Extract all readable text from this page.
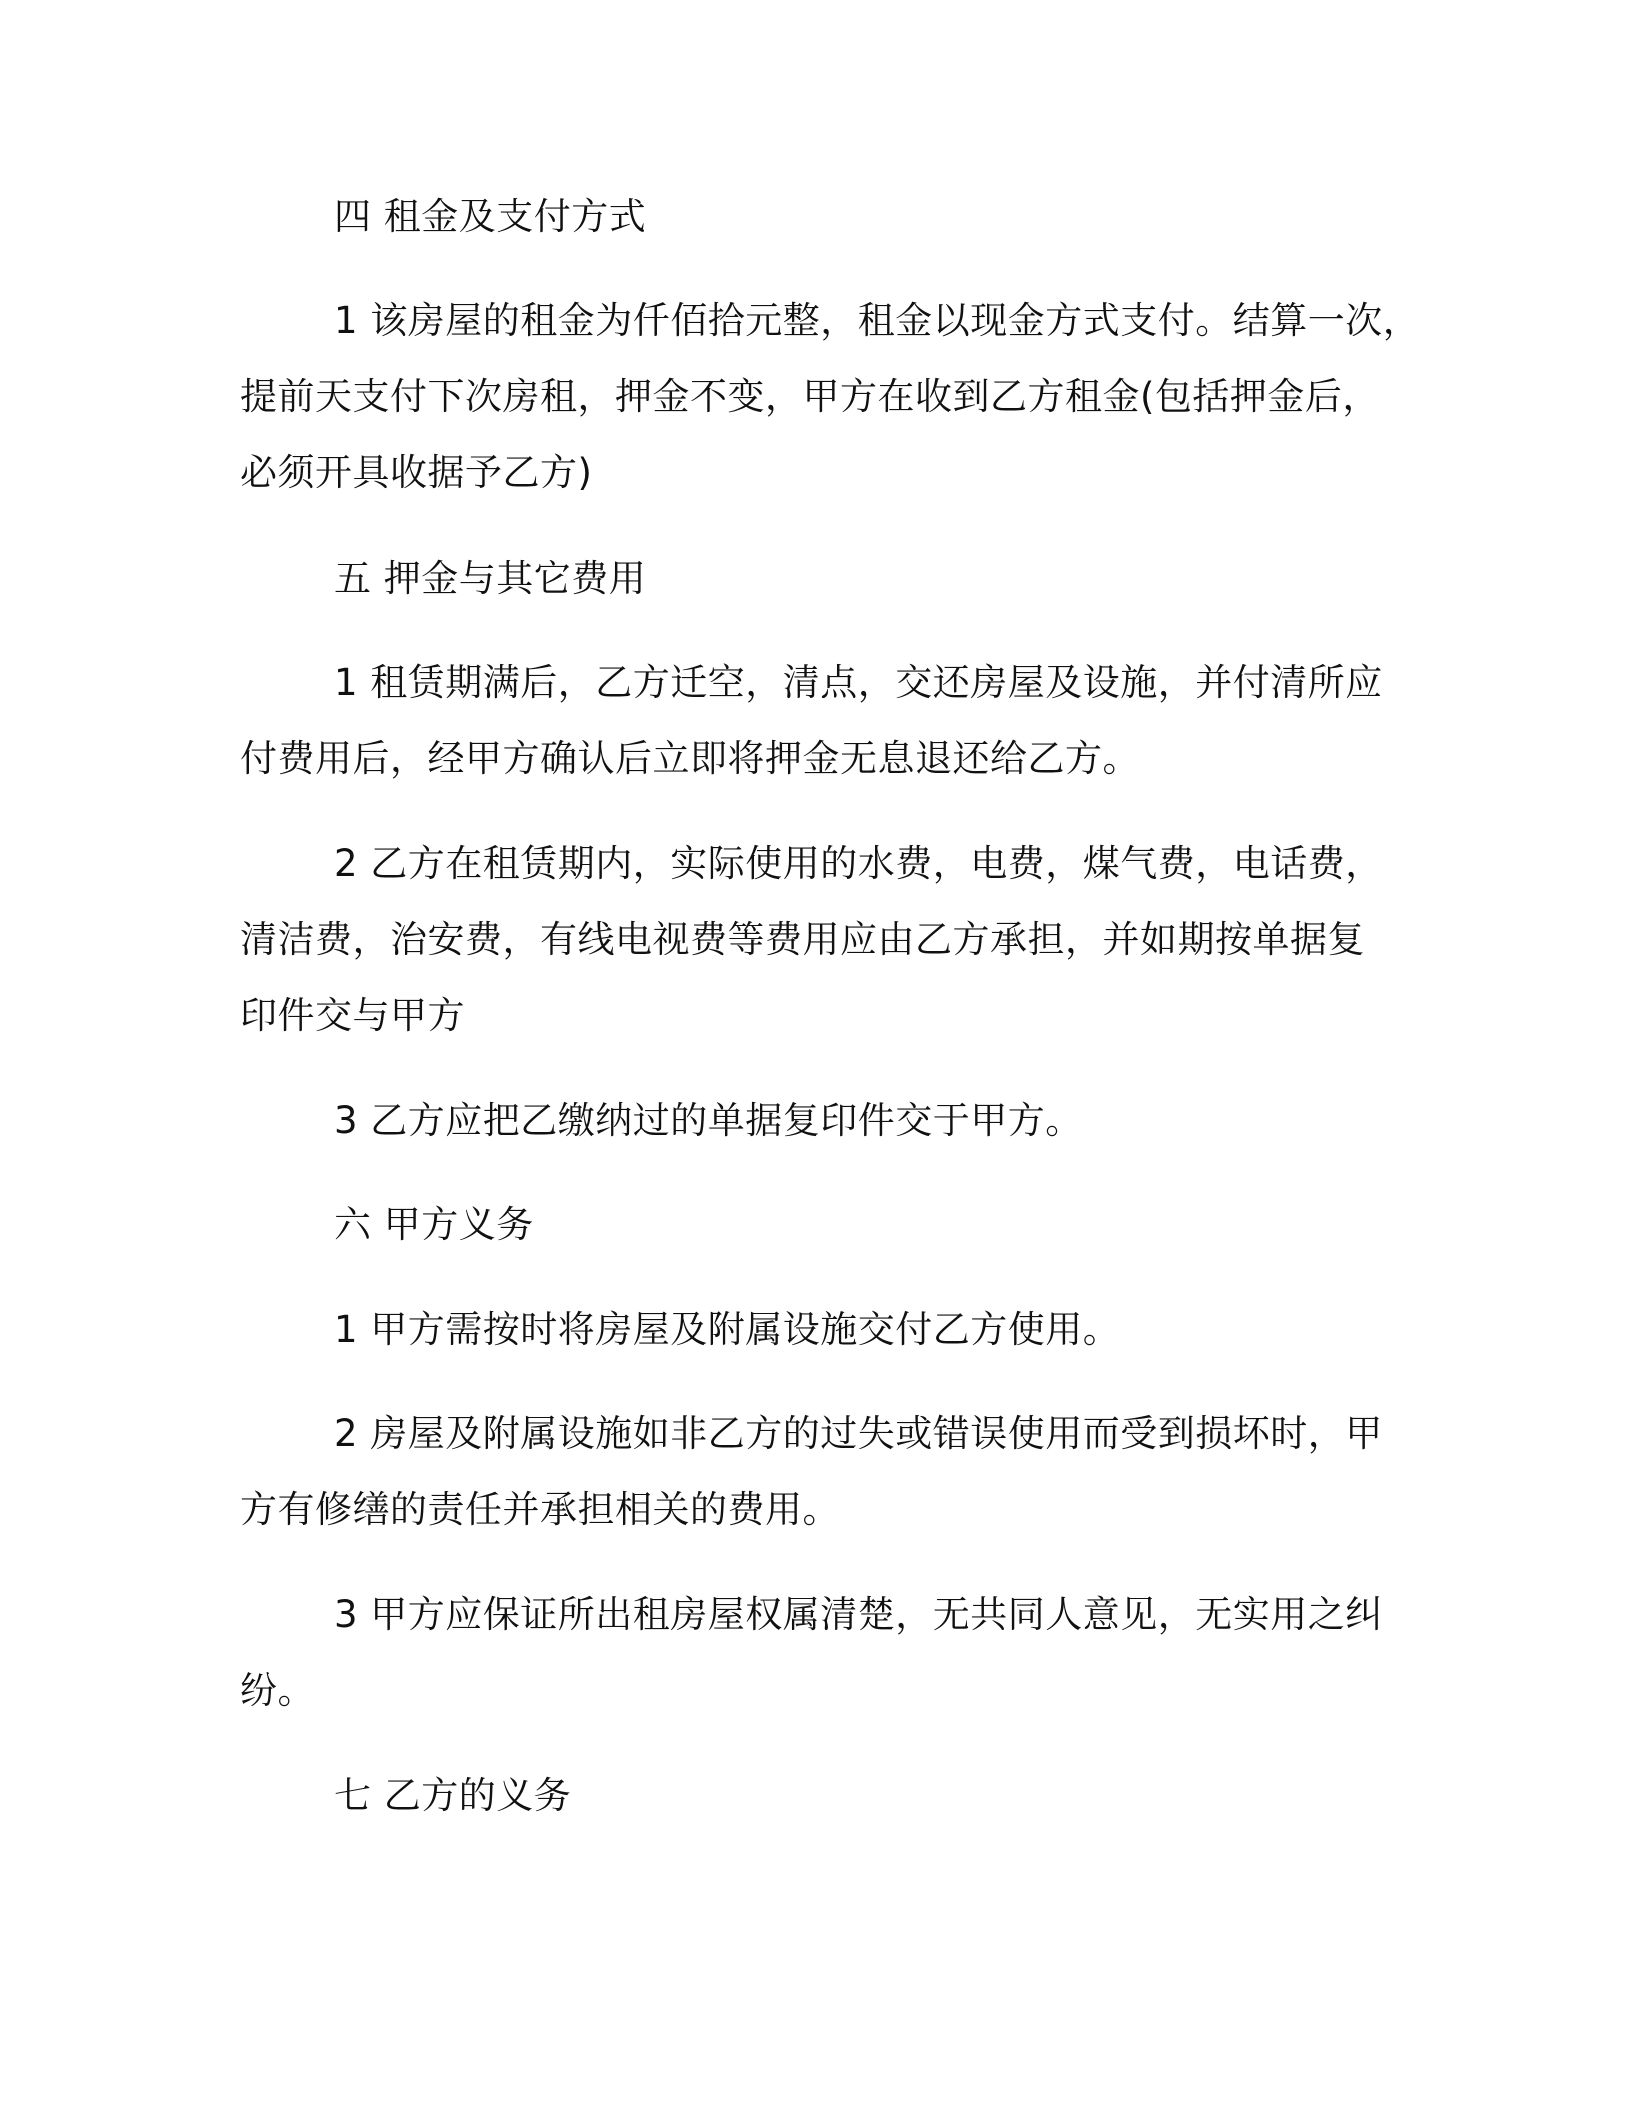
四 租金及支付方式
1 该房屋的租金为仟佰拾元整，租金以现金方式支付。结算一次，
提前天支付下次房租，押金不变，甲方在收到乙方租金(包括押金后，
必须开具收据予乙方)
五 押金与其它费用
1 租赁期满后，乙方迁空，清点，交还房屋及设施，并付清所应
付费用后，经甲方确认后立即将押金无息退还给乙方。
2 乙方在租赁期内，实际使用的水费，电费，煤气费，电话费，
清洁费，治安费，有线电视费等费用应由乙方承担，并如期按单据复
印件交与甲方
3 乙方应把乙缴纳过的单据复印件交于甲方。
六 甲方义务
1 甲方需按时将房屋及附属设施交付乙方使用。
2 房屋及附属设施如非乙方的过失或错误使用而受到损坏时，甲
方有修缮的责任并承担相关的费用。
3 甲方应保证所出租房屋权属清楚，无共同人意见，无实用之纠
纷。
七 乙方的义务
